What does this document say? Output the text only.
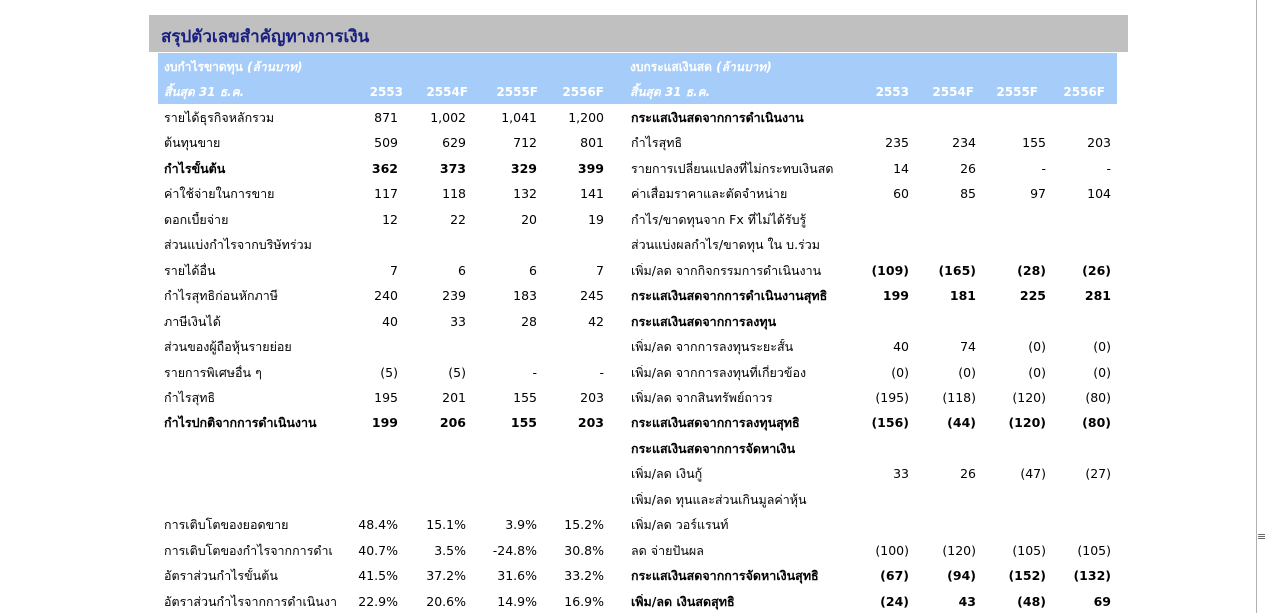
สรุปตัวเลขสำคัญทางการเงิน
งบกำไรขาดทุน (ล้านบาท)
สิ้นสุด 31 ธ.ค.	2553	2554F	2555F	2556F
งบกระแสเงินสด (ล้านบาท)
สิ้นสุด 31 ธ.ค.	2553	2554F	2555F	2556F
รายได้ธุรกิจหลักรวม	871	1,002	1,041	1,200
ต้นทุนขาย	509	629	712	801
กำไรขั้นต้น	362	373	329	399
ค่าใช้จ่ายในการขาย	117	118	132	141
ดอกเบี้ยจ่าย	12	22	20	19
ส่วนแบ่งกำไรจากบริษัทร่วม
รายได้อื่น	7	6	6	7
กำไรสุทธิก่อนหักภาษี	240	239	183	245
ภาษีเงินได้	40	33	28	42
ส่วนของผู้ถือหุ้นรายย่อย
รายการพิเศษอื่น ๆ	(5)	(5)	-	-
กำไรสุทธิ	195	201	155	203
กำไรปกติจากการดำเนินงาน	199	206	155	203
การเติบโตของยอดขาย	48.4%	15.1%	3.9%	15.2%
การเติบโตของกำไรจากการดำเ	40.7%	3.5%	-24.8%	30.8%
อัตราส่วนกำไรขั้นต้น	41.5%	37.2%	31.6%	33.2%
อัตราส่วนกำไรจากการดำเนินงา	22.9%	20.6%	14.9%	16.9%
กระแสเงินสดจากการดำเนินงาน
กำไรสุทธิ	235	234	155	203
รายการเปลี่ยนแปลงที่ไม่กระทบเงินสด	14	26	-	-
ค่าเสื่อมราคาและตัดจำหน่าย	60	85	97	104
กำไร/ขาดทุนจาก Fx ที่ไม่ได้รับรู้
ส่วนแบ่งผลกำไร/ขาดทุน ใน บ.ร่วม
เพิ่ม/ลด จากกิจกรรมการดำเนินงาน	(109)	(165)	(28)	(26)
กระแสเงินสดจากการดำเนินงานสุทธิ	199	181	225	281
กระแสเงินสดจากการลงทุน
เพิ่ม/ลด จากการลงทุนระยะสั้น	40	74	(0)	(0)
เพิ่ม/ลด จากการลงทุนที่เกี่ยวข้อง	(0)	(0)	(0)	(0)
เพิ่ม/ลด จากสินทรัพย์ถาวร	(195)	(118)	(120)	(80)
กระแสเงินสดจากการลงทุนสุทธิ	(156)	(44)	(120)	(80)
กระแสเงินสดจากการจัดหาเงิน
เพิ่ม/ลด เงินกู้	33	26	(47)	(27)
เพิ่ม/ลด ทุนและส่วนเกินมูลค่าหุ้น
เพิ่ม/ลด วอร์แรนท์
ลด จ่ายปันผล	(100)	(120)	(105)	(105)
กระแสเงินสดจากการจัดหาเงินสุทธิ	(67)	(94)	(152)	(132)
เพิ่ม/ลด เงินสดสุทธิ	(24)	43	(48)	69
≡
